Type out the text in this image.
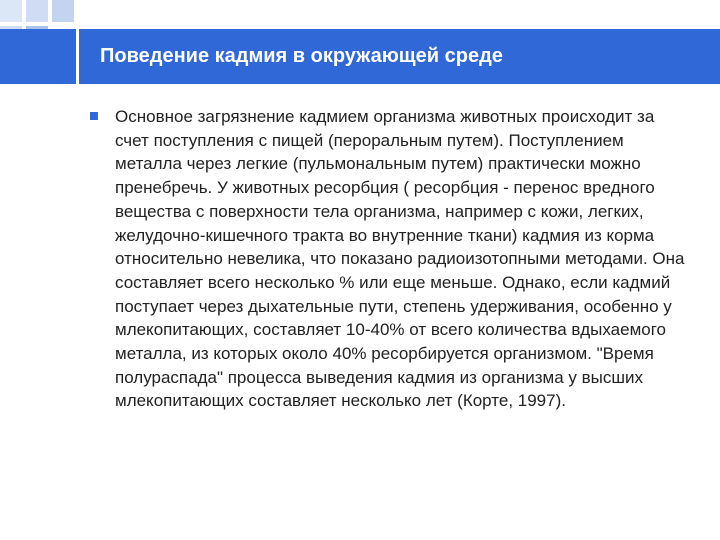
Поведение кадмия в окружающей среде
Основное загрязнение кадмием организма животных происходит за счет поступления с пищей (пероральным путем). Поступлением металла через легкие (пульмональным путем) практически можно пренебречь. У животных ресорбция ( ресорбция - перенос вредного вещества с поверхности тела организма, например с кожи, легких, желудочно-кишечного тракта во внутренние ткани) кадмия из корма относительно невелика, что показано радиоизотопными методами. Она составляет всего несколько % или еще меньше. Однако, если кадмий поступает через дыхательные пути, степень удерживания, особенно у млекопитающих, составляет 10-40% от всего количества вдыхаемого металла, из которых около 40% ресорбируется организмом. "Время полураспада" процесса выведения кадмия из организма у высших млекопитающих составляет несколько лет (Корте, 1997).
